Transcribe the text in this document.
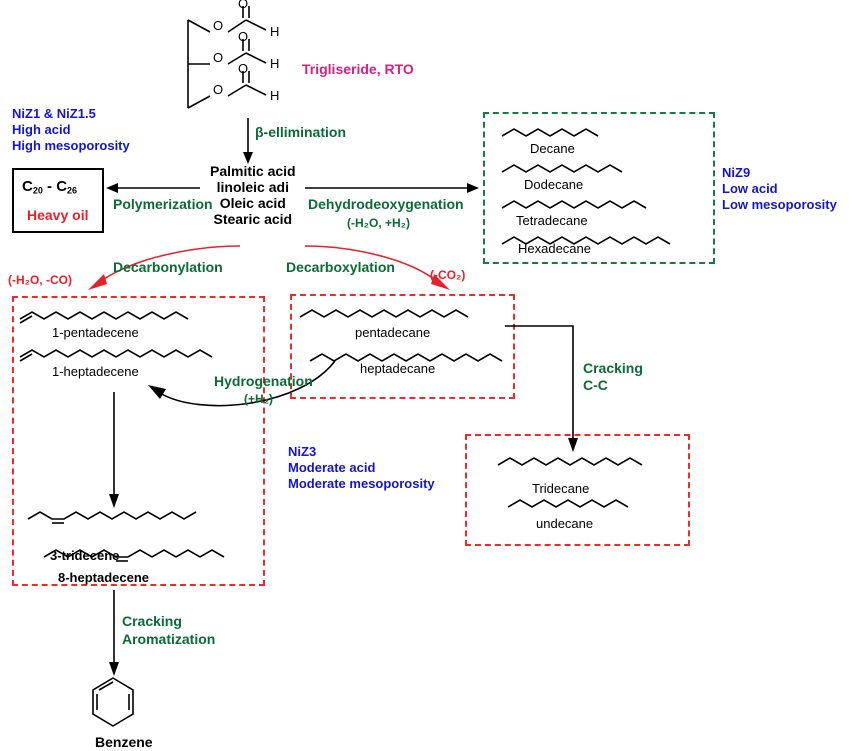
O
O
O
O
O
O
H
H
H
Trigliseride, RTO
β-ellimination
NiZ1 & NiZ1.5
High acid
High mesoporosity
$C_{20} - C_{26}$
Heavy oil
Polymerization
Palmitic acid
linoleic adi
Oleic acid
Stearic acid
Dehydrodeoxygenation
(-H₂O, +H₂)
Decane
Dodecane
Tetradecane
Hexadecane
NiZ9
Low acid
Low mesoporosity
Decarbonylation
(-H₂O, -CO)
Decarboxylation	(-CO₂)
1-pentadecene
1-heptadecene
3-tridecene
8-heptadecene
pentadecane
heptadecane
Hydrogenation
(+H₂)
NiZ3
Moderate acid
Moderate mesoporosity
Cracking
C-C
Tridecane
undecane
Cracking
Aromatization
Benzene
